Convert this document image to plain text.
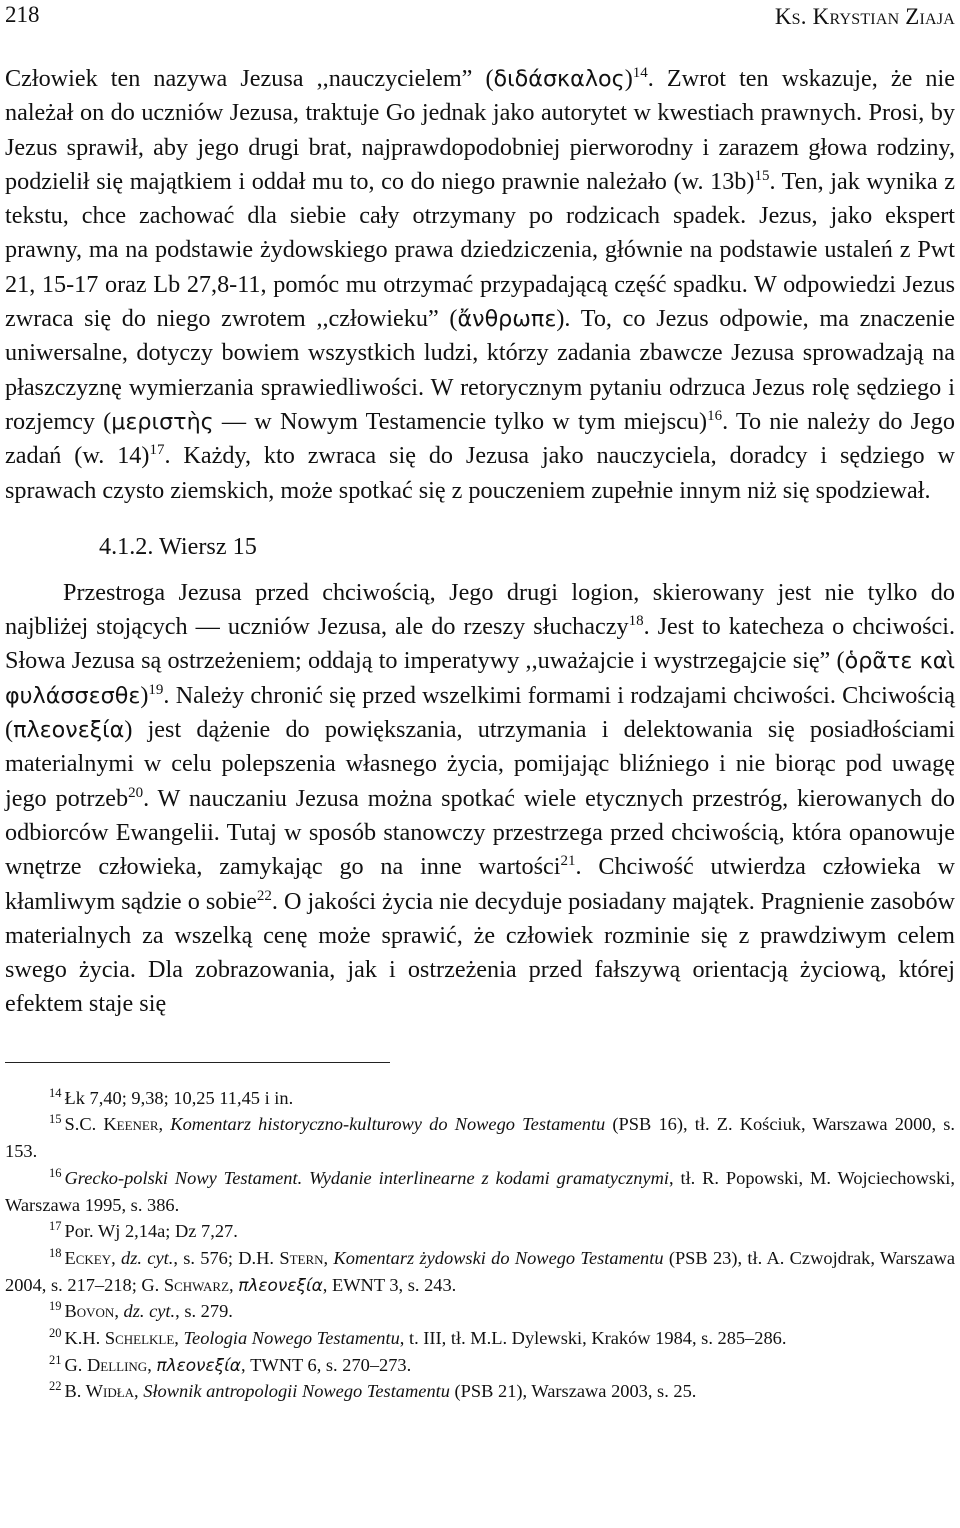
218	Ks. Krystian Ziaja

Człowiek ten nazywa Jezusa ,,nauczycielem” $(\delta\iota\delta ά\sigma\kappa\alpha\lambda o\varsigma)^{14}$. Zwrot ten wskazuje, że nie należał on do uczniów Jezusa, traktuje Go jednak jako autorytet w kwestiach prawnych. Prosi, by Jezus sprawił, aby jego drugi brat, najprawdopodobniej pierworodny i zarazem głowa rodziny, podzielił się majątkiem i oddał mu to, co do niego prawnie należało (w. 13b)$^{15}$. Ten, jak wynika z tekstu, chce zachować dla siebie cały otrzymany po rodzicach spadek. Jezus, jako ekspert prawny, ma na podstawie żydowskiego prawa dziedziczenia, głównie na podstawie ustaleń z Pwt 21, 15-17 oraz Lb 27,8-11, pomóc mu otrzymać przypadającą część spadku. W odpowiedzi Jezus zwraca się do niego zwrotem ,,człowieku” (ἄνθρωπε). To, co Jezus odpowie, ma znaczenie uniwersalne, dotyczy bowiem wszystkich ludzi, którzy zadania zbawcze Jezusa sprowadzają na płaszczyznę wymierzania sprawiedliwości. W retorycznym pytaniu odrzuca Jezus rolę sędziego i rozjemcy (μεριστὴς — w Nowym Testamencie tylko w tym miejscu)$^{16}$. To nie należy do Jego zadań (w. 14)$^{17}$. Każdy, kto zwraca się do Jezusa jako nauczyciela, doradcy i sędziego w sprawach czysto ziemskich, może spotkać się z pouczeniem zupełnie innym niż się spodziewał.

4.1.2. Wiersz 15

Przestroga Jezusa przed chciwością, Jego drugi logion, skierowany jest nie tylko do najbliżej stojących — uczniów Jezusa, ale do rzeszy słuchaczy$^{18}$. Jest to katecheza o chciwości. Słowa Jezusa są ostrzeżeniem; oddają to imperatywy ,,uważajcie i wystrzegajcie się” (ὁρᾶτε καὶ φυλάσσεσθε)$^{19}$. Należy chronić się przed wszelkimi formami i rodzajami chciwości. Chciwością (πλεονεξία) jest dążenie do powiększania, utrzymania i delektowania się posiadłościami materialnymi w celu polepszenia własnego życia, pomijając bliźniego i nie biorąc pod uwagę jego potrzeb$^{20}$. W nauczaniu Jezusa można spotkać wiele etycznych przestróg, kierowanych do odbiorców Ewangelii. Tutaj w sposób stanowczy przestrzega przed chciwością, która opanowuje wnętrze człowieka, zamykając go na inne wartości$^{21}$. Chciwość utwierdza człowieka w kłamliwym sądzie o sobie$^{22}$. O jakości życia nie decyduje posiadany majątek. Pragnienie zasobów materialnych za wszelką cenę może sprawić, że człowiek rozminie się z prawdziwym celem swego życia. Dla zobrazowania, jak i ostrzeżenia przed fałszywą orientacją życiową, której efektem staje się

$^{14}$ Łk 7,40; 9,38; 10,25 11,45 i in.

$^{15}$ S.C. Keener, Komentarz historyczno-kulturowy do Nowego Testamentu (PSB 16), tł. Z. Kościuk, Warszawa 2000, s. 153.

$^{16}$ Grecko-polski Nowy Testament. Wydanie interlinearne z kodami gramatycznymi, tł. R. Popowski, M. Wojciechowski, Warszawa 1995, s. 386.

$^{17}$ Por. Wj 2,14a; Dz 7,27.

$^{18}$ Eckey, dz. cyt., s. 576; D.H. Stern, Komentarz żydowski do Nowego Testamentu (PSB 23), tł. A. Czwojdrak, Warszawa 2004, s. 217–218; G. Schwarz, πλεονεξία, EWNT 3, s. 243.

$^{19}$ Bovon, dz. cyt., s. 279.

$^{20}$ K.H. Schelkle, Teologia Nowego Testamentu, t. III, tł. M.L. Dylewski, Kraków 1984, s. 285–286.

$^{21}$ G. Delling, πλεονεξία, TWNT 6, s. 270–273.

$^{22}$ B. Widła, Słownik antropologii Nowego Testamentu (PSB 21), Warszawa 2003, s. 25.
